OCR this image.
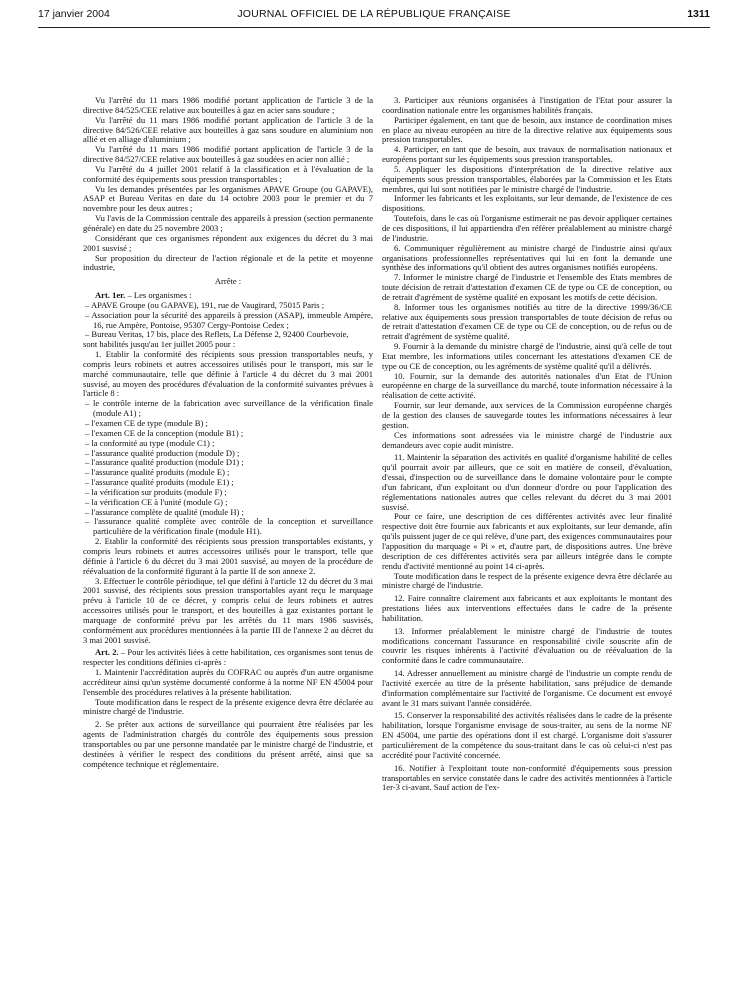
17 janvier 2004	JOURNAL OFFICIEL DE LA RÉPUBLIQUE FRANÇAISE	1311

Vu l'arrêté du 11 mars 1986 modifié portant application de l'article 3 de la directive 84/525/CEE relative aux bouteilles à gaz en acier sans soudure ;

Vu l'arrêté du 11 mars 1986 modifié portant application de l'article 3 de la directive 84/526/CEE relative aux bouteilles à gaz sans soudure en aluminium non allié et en alliage d'aluminium ;

Vu l'arrêté du 11 mars 1986 modifié portant application de l'article 3 de la directive 84/527/CEE relative aux bouteilles à gaz soudées en acier non allié ;

Vu l'arrêté du 4 juillet 2001 relatif à la classification et à l'évaluation de la conformité des équipements sous pression transportables ;

Vu les demandes présentées par les organismes APAVE Groupe (ou GAPAVE), ASAP et Bureau Veritas en date du 14 octobre 2003 pour le premier et du 7 novembre pour les deux autres ;

Vu l'avis de la Commission centrale des appareils à pression (section permanente générale) en date du 25 novembre 2003 ;

Considérant que ces organismes répondent aux exigences du décret du 3 mai 2001 susvisé ;

Sur proposition du directeur de l'action régionale et de la petite et moyenne industrie,

Arrête :

Art. 1er. – Les organismes :

– APAVE Groupe (ou GAPAVE), 191, rue de Vaugirard, 75015 Paris ;

– Association pour la sécurité des appareils à pression (ASAP), immeuble Ampère, 16, rue Ampère, Pontoise, 95307 Cergy-Pontoise Cedex ;

– Bureau Veritas, 17 bis, place des Reflets, La Défense 2, 92400 Courbevoie,

sont habilités jusqu'au 1er juillet 2005 pour :

1. Etablir la conformité des récipients sous pression transportables neufs, y compris leurs robinets et autres accessoires utilisés pour le transport, mis sur le marché communautaire, telle que définie à l'article 4 du décret du 3 mai 2001 susvisé, au moyen des procédures d'évaluation de la conformité suivantes prévues à l'article 8 :

– le contrôle interne de la fabrication avec surveillance de la vérification finale (module A1) ;

– l'examen CE de type (module B) ;

– l'examen CE de la conception (module B1) ;

– la conformité au type (module C1) ;

– l'assurance qualité production (module D) ;

– l'assurance qualité production (module D1) ;

– l'assurance qualité produits (module E) ;

– l'assurance qualité produits (module E1) ;

– la vérification sur produits (module F) ;

– la vérification CE à l'unité (module G) ;

– l'assurance complète de qualité (module H) ;

– l'assurance qualité complète avec contrôle de la conception et surveillance particulière de la vérification finale (module H1).

2. Etablir la conformité des récipients sous pression transportables existants, y compris leurs robinets et autres accessoires utilisés pour le transport, telle que définie à l'article 6 du décret du 3 mai 2001 susvisé, au moyen de la procédure de réévaluation de la conformité figurant à la partie II de son annexe 2.

3. Effectuer le contrôle périodique, tel que défini à l'article 12 du décret du 3 mai 2001 susvisé, des récipients sous pression transportables ayant reçu le marquage prévu à l'article 10 de ce décret, y compris celui de leurs robinets et autres accessoires utilisés pour le transport, et des bouteilles à gaz existantes portant le marquage de conformité prévu par les arrêtés du 11 mars 1986 susvisés, conformément aux procédures mentionnées à la partie III de l'annexe 2 au décret du 3 mai 2001 susvisé.

Art. 2. – Pour les activités liées à cette habilitation, ces organismes sont tenus de respecter les conditions définies ci-après :

1. Maintenir l'accréditation auprès du COFRAC ou auprès d'un autre organisme accréditeur ainsi qu'un système documenté conforme à la norme NF EN 45004 pour l'ensemble des procédures relatives à la présente habilitation.

Toute modification dans le respect de la présente exigence devra être déclarée au ministre chargé de l'industrie.

2. Se prêter aux actions de surveillance qui pourraient être réalisées par les agents de l'administration chargés du contrôle des équipements sous pression transportables ou par une personne mandatée par le ministre chargé de l'industrie, et destinées à vérifier le respect des conditions du présent arrêté, ainsi que sa compétence technique et réglementaire.

3. Participer aux réunions organisées à l'instigation de l'Etat pour assurer la coordination nationale entre les organismes habilités français.

Participer également, en tant que de besoin, aux instance de coordination mises en place au niveau européen au titre de la directive relative aux équipements sous pression transportables.

4. Participer, en tant que de besoin, aux travaux de normalisation nationaux et européens portant sur les équipements sous pression transportables.

5. Appliquer les dispositions d'interprétation de la directive relative aux équipements sous pression transportables, élaborées par la Commission et les Etats membres, qui lui sont notifiées par le ministre chargé de l'industrie.

Informer les fabricants et les exploitants, sur leur demande, de l'existence de ces dispositions.

Toutefois, dans le cas où l'organisme estimerait ne pas devoir appliquer certaines de ces dispositions, il lui appartiendra d'en référer préalablement au ministre chargé de l'industrie.

6. Communiquer régulièrement au ministre chargé de l'industrie ainsi qu'aux organisations professionnelles représentatives qui lui en font la demande une synthèse des informations qu'il obtient des autres organismes notifiés européens.

7. Informer le ministre chargé de l'industrie et l'ensemble des Etats membres de toute décision de retrait d'attestation d'examen CE de type ou CE de conception, ou de retrait d'agrément de système qualité en exposant les motifs de cette décision.

8. Informer tous les organismes notifiés au titre de la directive 1999/36/CE relative aux équipements sous pression transportables de toute décision de refus ou de retrait d'attestation d'examen CE de type ou CE de conception, ou de refus ou de retrait d'agrément de système qualité.

9. Fournir à la demande du ministre chargé de l'industrie, ainsi qu'à celle de tout Etat membre, les informations utiles concernant les attestations d'examen CE de type ou CE de conception, ou les agréments de système qualité qu'il a délivrés.

10. Fournir, sur la demande des autorités nationales d'un Etat de l'Union européenne en charge de la surveillance du marché, toute information nécessaire à la réalisation de cette activité.

Fournir, sur leur demande, aux services de la Commission européenne chargés de la gestion des clauses de sauvegarde toutes les informations nécessaires à leur gestion.

Ces informations sont adressées via le ministre chargé de l'industrie aux demandeurs avec copie audit ministre.

11. Maintenir la séparation des activités en qualité d'organisme habilité de celles qu'il pourrait avoir par ailleurs, que ce soit en matière de conseil, d'évaluation, d'essai, d'inspection ou de surveillance dans le domaine volontaire pour le compte d'un fabricant, d'un exploitant ou d'un donneur d'ordre ou pour l'application des réglementations nationales autres que celles relevant du décret du 3 mai 2001 susvisé.

Pour ce faire, une description de ces différentes activités avec leur finalité respective doit être fournie aux fabricants et aux exploitants, sur leur demande, afin qu'ils puissent juger de ce qui relève, d'une part, des exigences communautaires pour l'apposition du marquage « Pi » et, d'autre part, de dispositions autres. Une brève description de ces différentes activités sera par ailleurs intégrée dans le compte rendu d'activité mentionné au point 14 ci-après.

Toute modification dans le respect de la présente exigence devra être déclarée au ministre chargé de l'industrie.

12. Faire connaître clairement aux fabricants et aux exploitants le montant des prestations liées aux interventions effectuées dans le cadre de la présente habilitation.

13. Informer préalablement le ministre chargé de l'industrie de toutes modifications concernant l'assurance en responsabilité civile souscrite afin de couvrir les risques inhérents à l'activité d'évaluation ou de réévaluation de la conformité dans le cadre communautaire.

14. Adresser annuellement au ministre chargé de l'industrie un compte rendu de l'activité exercée au titre de la présente habilitation, sans préjudice de demande d'information complémentaire sur l'activité de l'organisme. Ce document est envoyé avant le 31 mars suivant l'année considérée.

15. Conserver la responsabilité des activités réalisées dans le cadre de la présente habilitation, lorsque l'organisme envisage de sous-traiter, au sens de la norme NF EN 45004, une partie des opérations dont il est chargé. L'organisme doit s'assurer particulièrement de la compétence du sous-traitant dans le cas où celui-ci n'est pas accrédité pour l'activité concernée.

16. Notifier à l'exploitant toute non-conformité d'équipements sous pression transportables en service constatée dans le cadre des activités mentionnées à l'article 1er-3 ci-avant. Sauf action de l'ex-
